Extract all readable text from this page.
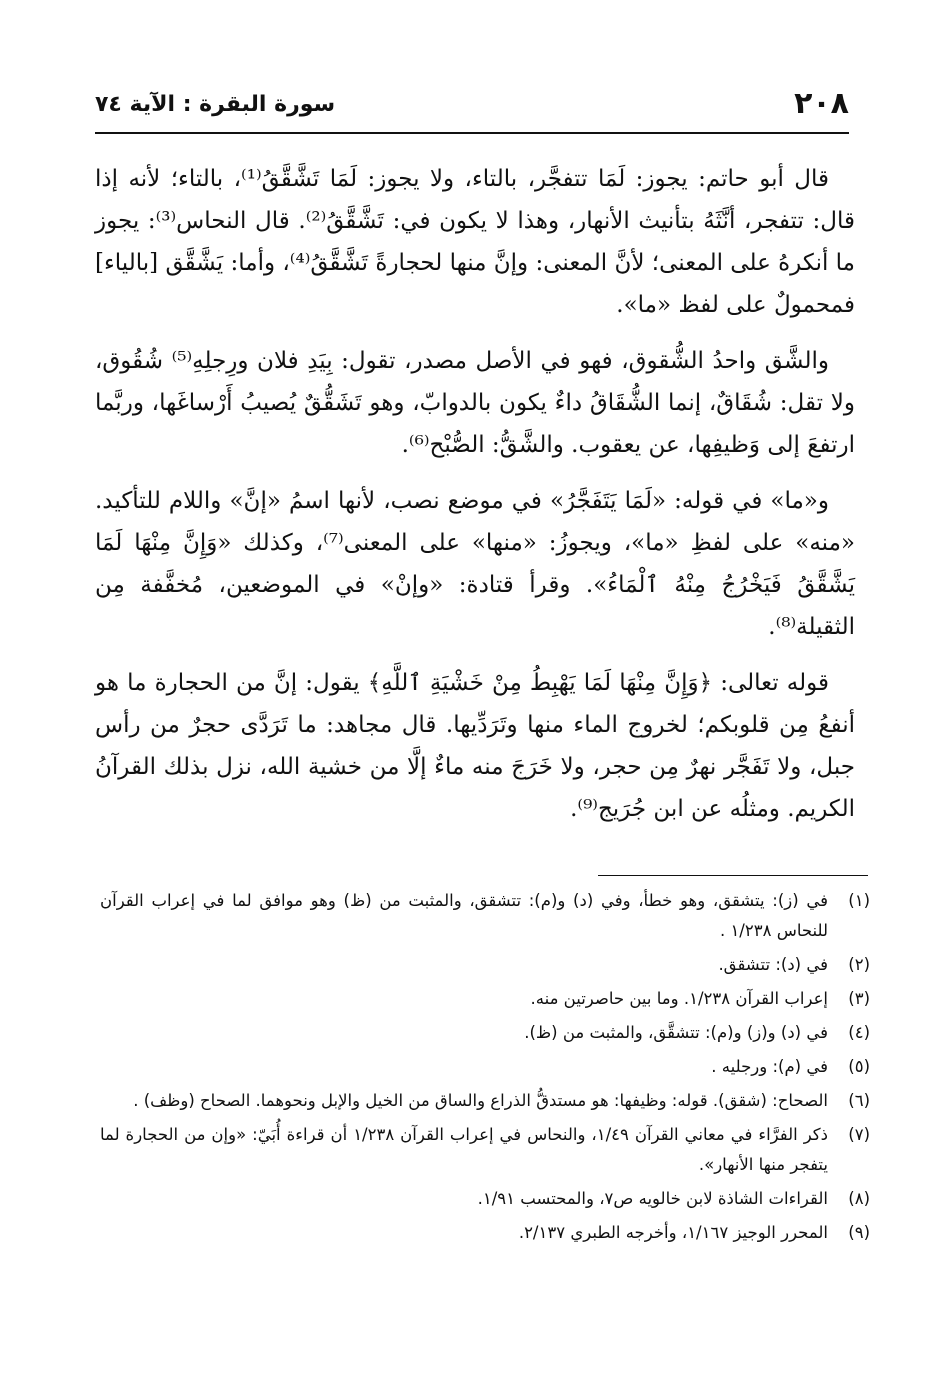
٢٠٨
سورة البقرة : الآية ٧٤

قال أبو حاتم: يجوز: لَمَا تتفجَّر، بالتاء، ولا يجوز: لَمَا تَشَّقَّقُ⁽¹⁾، بالتاء؛ لأنه إذا قال: تتفجر، أنَّثَهُ بتأنيث الأنهار، وهذا لا يكون في: تَشَّقَّقُ⁽²⁾. قال النحاس⁽³⁾: يجوز ما أنكرهُ على المعنى؛ لأنَّ المعنى: وإنَّ منها لحجارةً تَشَّقَّقُ⁽⁴⁾، وأما: يَشَّقَّق [بالياء] فمحمولٌ على لفظ «ما».

والشَّق واحدُ الشُّقوق، فهو في الأصل مصدر، تقول: بِيَدِ فلان ورِجلِهِ⁽⁵⁾ شُقُوق، ولا تقل: شُقَاقٌ، إنما الشُّقَاقُ داءٌ يكون بالدوابّ، وهو تَشَقُّقٌ يُصيبُ أَرْساغَها، وربَّما ارتفعَ إلى وَظيفِها، عن يعقوب. والشَّقُّ: الصُّبْح⁽⁶⁾.

و«ما» في قوله: «لَمَا يَتَفَجَّرُ» في موضع نصب، لأنها اسمُ «إنَّ» واللام للتأكيد. «منه» على لفظِ «ما»، ويجوزُ: «منها» على المعنى⁽⁷⁾، وكذلك «وَإِنَّ مِنْهَا لَمَا يَشَّقَّقُ فَيَخْرُجُ مِنْهُ ٱلْمَاءُ». وقرأ قتادة: «وإنْ» في الموضعين، مُخفَّفة مِن الثقيلة⁽⁸⁾.

قوله تعالى: ﴿وَإِنَّ مِنْهَا لَمَا يَهْبِطُ مِنْ خَشْيَةِ ٱللَّهِ﴾ يقول: إنَّ من الحجارة ما هو أنفعُ مِن قلوبكم؛ لخروج الماء منها وتَرَدِّيها. قال مجاهد: ما تَرَدَّى حجرٌ من رأس جبل، ولا تَفَجَّر نهرٌ مِن حجر، ولا خَرَجَ منه ماءٌ إلَّا من خشية الله، نزل بذلك القرآنُ الكريم. ومثلُه عن ابن جُرَيج⁽⁹⁾.

(١)
في (ز): يتشقق، وهو خطأ، وفي (د) و(م): تتشقق، والمثبت من (ظ) وهو موافق لما في إعراب القرآن للنحاس ١/٢٣٨ .
(٢)
في (د): تتشقق.
(٣)
إعراب القرآن ١/٢٣٨. وما بين حاصرتين منه.
(٤)
في (د) و(ز) و(م): تتشقَّق، والمثبت من (ظ).
(٥)
في (م): ورجليه .
(٦)
الصحاح: (شقق). قوله: وظيفها: هو مستدقُّ الذراع والساق من الخيل والإبل ونحوهما. الصحاح (وظف) .
(٧)
ذكر الفرَّاء في معاني القرآن ١/٤٩، والنحاس في إعراب القرآن ١/٢٣٨ أن قراءة أُبَيّ: «وإن من الحجارة لما يتفجر منها الأنهار».
(٨)
القراءات الشاذة لابن خالويه ص٧، والمحتسب ١/٩١.
(٩)
المحرر الوجيز ١/١٦٧، وأخرجه الطبري ٢/١٣٧.
